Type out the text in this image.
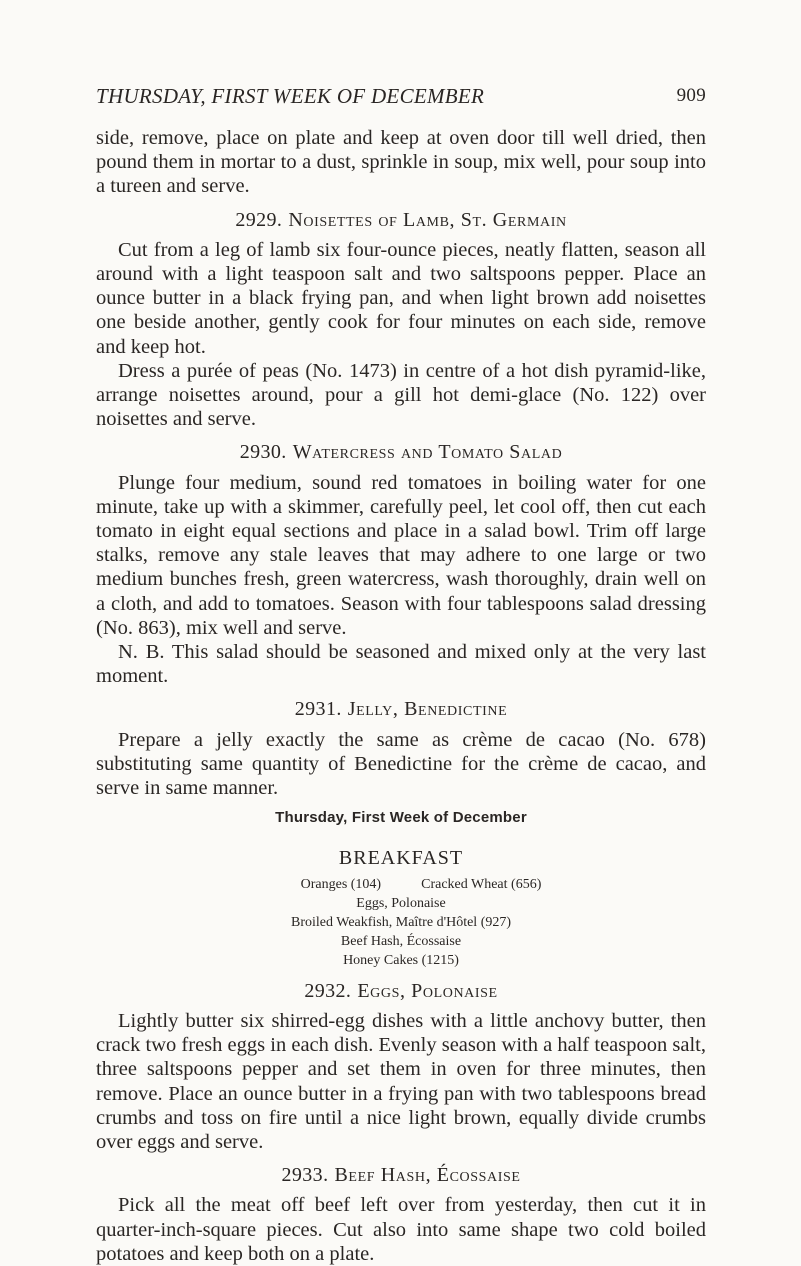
THURSDAY, FIRST WEEK OF DECEMBER	909

side, remove, place on plate and keep at oven door till well dried, then pound them in mortar to a dust, sprinkle in soup, mix well, pour soup into a tureen and serve.

2929. Noisettes of Lamb, St. Germain

Cut from a leg of lamb six four-ounce pieces, neatly flatten, season all around with a light teaspoon salt and two saltspoons pepper. Place an ounce butter in a black frying pan, and when light brown add noisettes one beside another, gently cook for four minutes on each side, remove and keep hot.

Dress a purée of peas (No. 1473) in centre of a hot dish pyramid-like, arrange noisettes around, pour a gill hot demi-glace (No. 122) over noisettes and serve.

2930. Watercress and Tomato Salad

Plunge four medium, sound red tomatoes in boiling water for one minute, take up with a skimmer, carefully peel, let cool off, then cut each tomato in eight equal sections and place in a salad bowl. Trim off large stalks, remove any stale leaves that may adhere to one large or two medium bunches fresh, green watercress, wash thoroughly, drain well on a cloth, and add to tomatoes. Season with four tablespoons salad dressing (No. 863), mix well and serve.

N. B. This salad should be seasoned and mixed only at the very last moment.

2931. Jelly, Benedictine

Prepare a jelly exactly the same as crème de cacao (No. 678) substituting same quantity of Benedictine for the crème de cacao, and serve in same manner.

Thursday, First Week of December
BREAKFAST
Oranges (104)	Cracked Wheat (656)
Eggs, Polonaise
Broiled Weakfish, Maître d'Hôtel (927)
Beef Hash, Écossaise
Honey Cakes (1215)
2932. Eggs, Polonaise

Lightly butter six shirred-egg dishes with a little anchovy butter, then crack two fresh eggs in each dish. Evenly season with a half teaspoon salt, three saltspoons pepper and set them in oven for three minutes, then remove. Place an ounce butter in a frying pan with two tablespoons bread crumbs and toss on fire until a nice light brown, equally divide crumbs over eggs and serve.

2933. Beef Hash, Écossaise

Pick all the meat off beef left over from yesterday, then cut it in quarter-inch-square pieces. Cut also into same shape two cold boiled potatoes and keep both on a plate.
